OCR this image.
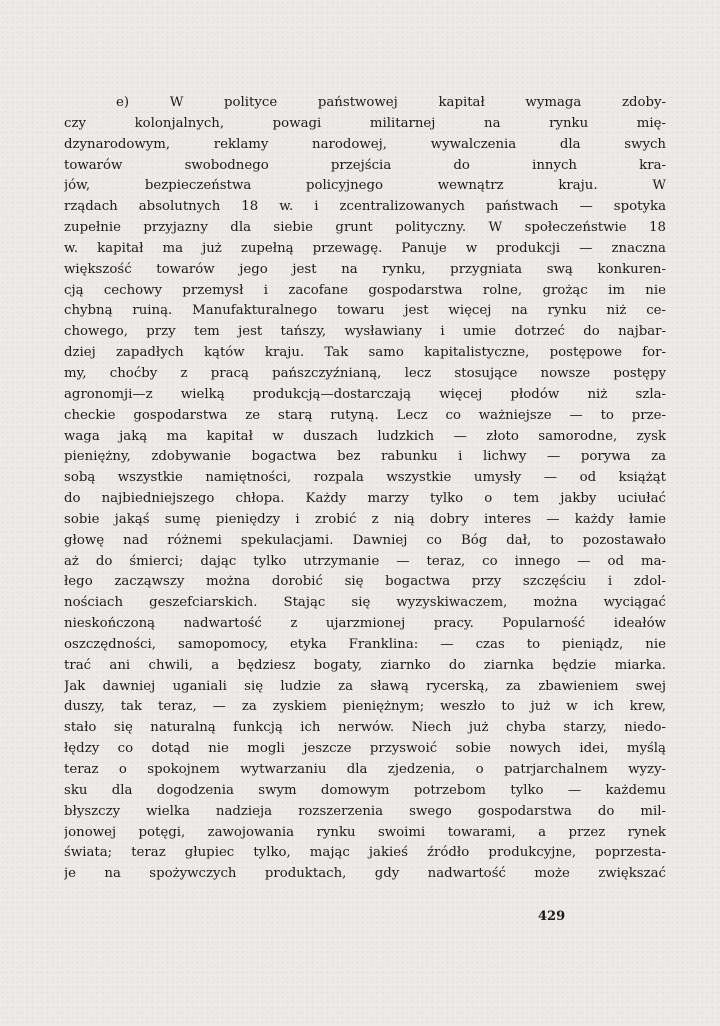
e) W polityce państwowej kapitał wymaga zdoby-
czy kolonjalnych, powagi militarnej na rynku mię-
dzynarodowym, reklamy narodowej, wywalczenia dla swych
towarów swobodnego przejścia do innych kra-
jów, bezpieczeństwa policyjnego wewnątrz kraju. W
rządach absolutnych 18 w. i zcentralizowanych państwach — spotyka
zupełnie przyjazny dla siebie grunt polityczny. W społeczeństwie 18
w. kapitał ma już zupełną przewagę. Panuje w produkcji — znaczna
większość towarów jego jest na rynku, przygniata swą konkuren-
cją cechowy przemysł i zacofane gospodarstwa rolne, grożąc im nie
chybną ruiną. Manufakturalnego towaru jest więcej na rynku niż ce-
chowego, przy tem jest tańszy, wysławiany i umie dotrzeć do najbar-
dziej zapadłych kątów kraju. Tak samo kapitalistyczne, postępowe for-
my, choćby z pracą pańszczyźnianą, lecz stosujące nowsze postępy
agronomji—z wielką produkcją—dostarczają więcej płodów niż szla-
checkie gospodarstwa ze starą rutyną. Lecz co ważniejsze — to prze-
waga jaką ma kapitał w duszach ludzkich — złoto samorodne, zysk
pieniężny, zdobywanie bogactwa bez rabunku i lichwy — porywa za
sobą wszystkie namiętności, rozpala wszystkie umysły — od książąt
do najbiedniejszego chłopa. Każdy marzy tylko o tem jakby uciułać
sobie jakąś sumę pieniędzy i zrobić z nią dobry interes — każdy łamie
głowę nad różnemi spekulacjami. Dawniej co Bóg dał, to pozostawało
aż do śmierci; dając tylko utrzymanie — teraz, co innego — od ma-
łego zacząwszy można dorobić się bogactwa przy szczęściu i zdol-
nościach geszefciarskich. Stając się wyzyskiwaczem, można wyciągać
nieskończoną nadwartość z ujarzmionej pracy. Popularność ideałów
oszczędności, samopomocy, etyka Franklina: — czas to pieniądz, nie
trać ani chwili, a będziesz bogaty, ziarnko do ziarnka będzie miarka.
Jak dawniej uganiali się ludzie za sławą rycerską, za zbawieniem swej
duszy, tak teraz, — za zyskiem pieniężnym; weszło to już w ich krew,
stało się naturalną funkcją ich nerwów. Niech już chyba starzy, niedo-
łędzy co dotąd nie mogli jeszcze przyswoić sobie nowych idei, myślą
teraz o spokojnem wytwarzaniu dla zjedzenia, o patrjarchalnem wyzy-
sku dla dogodzenia swym domowym potrzebom tylko — każdemu
błyszczy wielka nadzieja rozszerzenia swego gospodarstwa do mil-
jonowej potęgi, zawojowania rynku swoimi towarami, a przez rynek
świata; teraz głupiec tylko, mając jakieś źródło produkcyjne, poprzesta-
je na spożywczych produktach, gdy nadwartość może zwiększać
429
